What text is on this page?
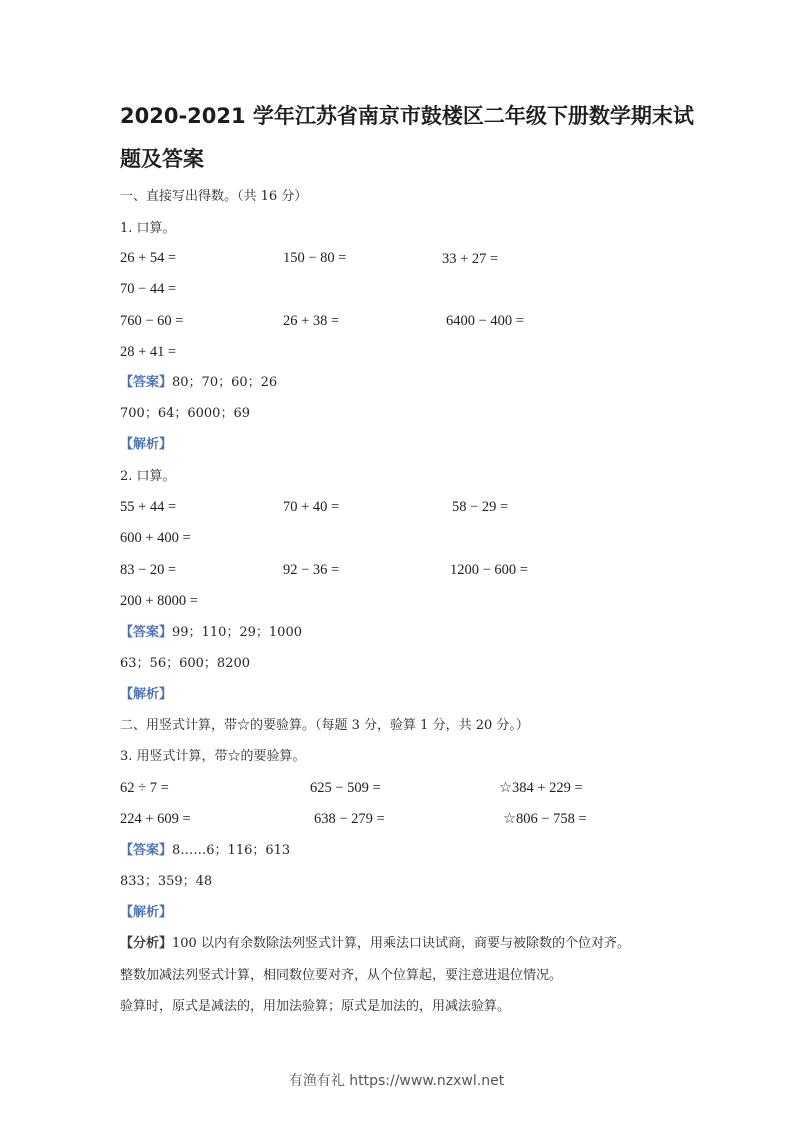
2020-2021 学年江苏省南京市鼓楼区二年级下册数学期末试
题及答案
一、直接写出得数。（共 16 分）
1. 口算。
26 + 54 =	150 − 80 =	33 + 27 =
70 − 44 =
760 − 60 =	26 + 38 =	6400 − 400 =
28 + 41 =
【答案】80；70；60；26
700；64；6000；69
【解析】
2. 口算。
55 + 44 =	70 + 40 =	58 − 29 =
600 + 400 =
83 − 20 =	92 − 36 =	1200 − 600 =
200 + 8000 =
【答案】99；110；29；1000
63；56；600；8200
【解析】
二、用竖式计算，带☆的要验算。（每题 3 分，验算 1 分，共 20 分。）
3. 用竖式计算，带☆的要验算。
62 ÷ 7 =	625 − 509 =	☆384 + 229 =
224 + 609 =	638 − 279 =	☆806 − 758 =
【答案】8……6；116；613
833；359；48
【解析】
【分析】100 以内有余数除法列竖式计算，用乘法口诀试商，商要与被除数的个位对齐。
整数加减法列竖式计算，相同数位要对齐，从个位算起，要注意进退位情况。
验算时，原式是减法的，用加法验算；原式是加法的，用减法验算。
有渔有礼 https://www.nzxwl.net
